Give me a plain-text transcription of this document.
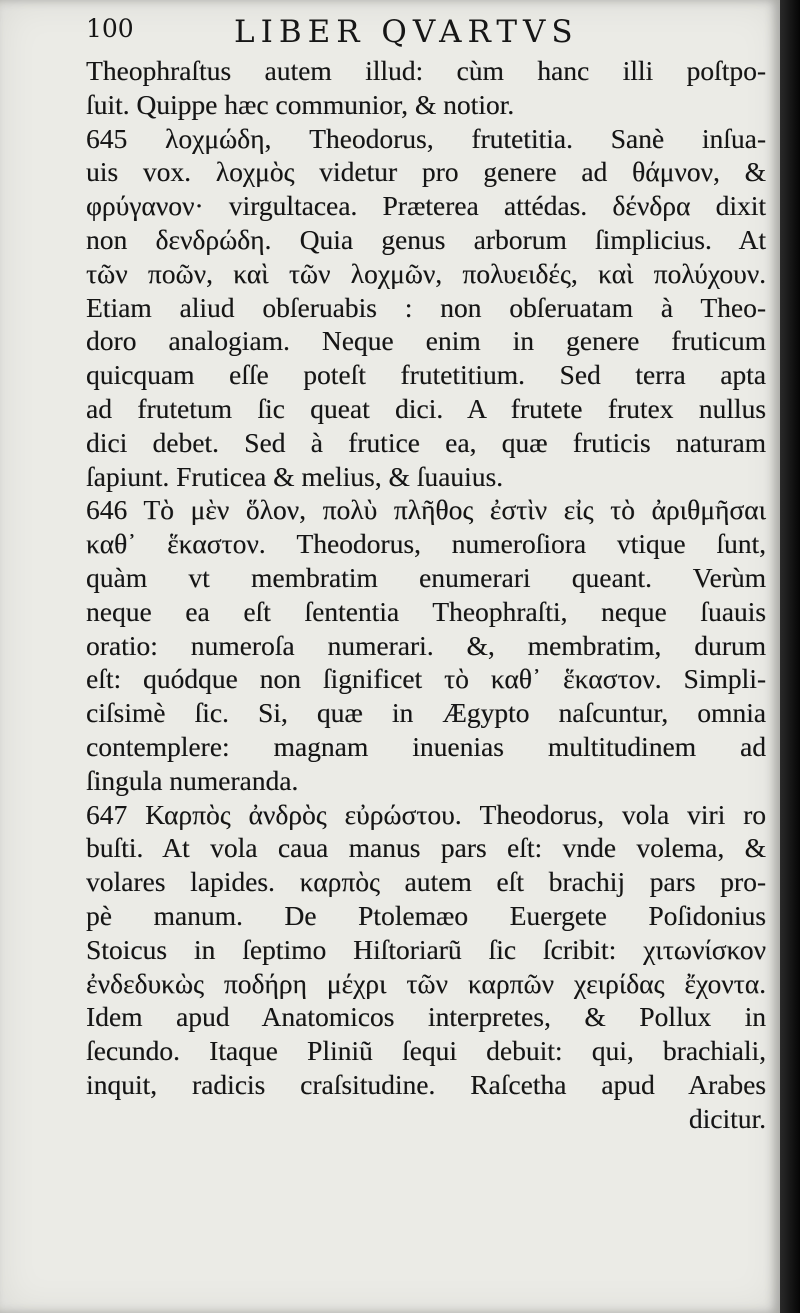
100	LIBER QVARTVS
Theophraſtus autem illud: cùm hanc illi poſtpo-
ſuit. Quippe hæc communior, & notior.
645 λοχμώδη, Theodorus, frutetitia. Sanè inſua-
uis vox. λοχμὸς videtur pro genere ad θάμνον, &
φρύγανον· virgultacea. Præterea attédas. δένδρα dixit
non δενδρώδη. Quia genus arborum ſimplicius. At
τῶν ποῶν, καὶ τῶν λοχμῶν, πολυειδές, καὶ πολύχουν.
Etiam aliud obſeruabis : non obſeruatam à Theo-
doro analogiam. Neque enim in genere fruticum
quicquam eſſe poteſt frutetitium. Sed terra apta
ad frutetum ſic queat dici. A frutete frutex nullus
dici debet. Sed à frutice ea, quæ fruticis naturam
ſapiunt. Fruticea & melius, & ſuauius.
646 Τὸ μὲν ὅλον, πολὺ πλῆθος ἐστὶν εἰς τὸ ἀριθμῆσαι
καθ᾽ ἕκαστον. Theodorus, numeroſiora vtique ſunt,
quàm vt membratim enumerari queant. Verùm
neque ea eſt ſententia Theophraſti, neque ſuauis
oratio: numeroſa numerari. &, membratim, durum
eſt: quódque non ſignificet τὸ καθ᾽ ἕκαστον. Simpli-
ciſsimè ſic. Si, quæ in Ægypto naſcuntur, omnia
contemplere: magnam inuenias multitudinem ad
ſingula numeranda.
647 Καρπὸς ἀνδρὸς εὐρώστου. Theodorus, vola viri ro
buſti. At vola caua manus pars eſt: vnde volema, &
volares lapides. καρπὸς autem eſt brachij pars pro-
pè manum. De Ptolemæo Euergete Poſidonius
Stoicus in ſeptimo Hiſtoriarũ ſic ſcribit: χιτωνίσκον
ἐνδεδυκὼς ποδήρη μέχρι τῶν καρπῶν χειρίδας ἔχοντα.
Idem apud Anatomicos interpretes, & Pollux in
ſecundo. Itaque Pliniũ ſequi debuit: qui, brachiali,
inquit, radicis craſsitudine. Raſcetha apud Arabes
dicitur.
